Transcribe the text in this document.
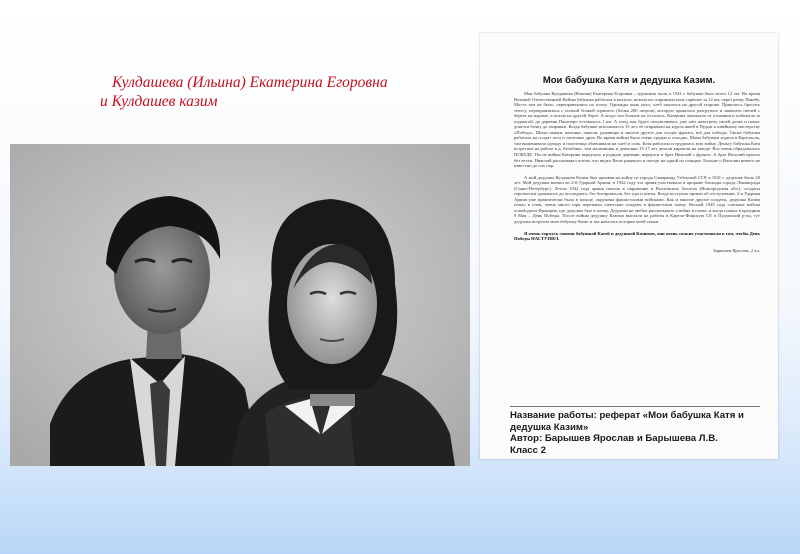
Кулдашева (Ильина) Екатерина Егоровна
и Кулдашев казим
Мои бабушка Катя и дедушка Казим.

Моя бабушка Кулдашева (Ильина) Екатерина Егоровна – труженик тыла, в 1941 г. бабушке было всего 12 лет. Во время Великой Отечественной Войны бабушка работала в колхозе, возила на старинном коне горючее за 12 км, через речку Пакебу. Моста там не было, переправлялись по плоту. Однажды конь упал, хлеб оказался на другой стороне. Пришлось бросить телегу, переправляться с полной бочкой горючего (бочка 200 литров), которую пришлось разгрузить и зажигать свечей с берега на пароме, а потом на другой берег. А когда сил больше не осталось, Катерина заплакала от отчаяния и побежала за подмогой, до деревни Панозеро оставалось 1 км. А отец, как будто почувствовал, уже шёл навстречу своей дочке и помог довезти бочку до заправки. Когда бабушке исполнилось 15 лет, её отправили на курсы швей в Пудож к швейному мастерству «Победа». Шили шапки, валенки, панели, рукавицы и многое другое для солдат фронта, всё для победы. Также бабушка работала на солдат леса и заготовке дров. Во время войны было очень трудно и голодно. Мама бабушки ходила в Каргополь, там выменивала одежду и полотенца обменивала на хлеб и соль. Катя работала и трудилась всю войну. Деньгу бабушка Катя встретила на работе в д. Бельбино, там мальчишки и девчонки 15-17 лет делали кирпичи на заводе. Все очень обрадовались ПОБЕДЕ. После войны Катерина вернулась в родную деревню, вернулся и брат Николай с фронта. А брат Василий пропал без вести. Николай рассказывал потом, что видел Васю раненого в поезде на одной из станции. Больше о Василии ничего не известно до сих пор.

А мой дедушка Кулдашев Казим был призван на войну из города Самарканд Узбекской ССР, в 1941 г. дедушке было 20 лет. Мой дедушка воевал во 2-й Ударной Армии, в 1942 году эта армия участвовала в прорыве блокады города Ленинграда (Санкт-Петербург). Летом 1942 года армия попала в окружение в Волховских болотах (Новгородская обл.), солдаты героически сражались до последнего, без боеприпасов, без еды и питья. Когда поступил приказ об отступлении, 2-я Ударная Армия уже практически была в кольце, окружена фашистскими войсками. Как и многие другие солдаты, дедушка Казим попал в плен, очень много горя пережили советские солдаты в фашистском плену. Весной 1945 года союзные войска освободили Францию, где дедушка был в плену. Дедушка не любил рассказывать о войне и плене, и когда плакал в праздник 9 Мая – День Победы. После войны дедушку Казима выслали на работы в Карело-Финскую СР, в Пудожский р-он, тут дедушка встретил мою бабушку Катю и так началась история моей семьи.

Я очень горжусь своими бабушкой Катей и дедушкой Казимом, они очень сильно участвовали в том, чтобы День Победы НАСТУПИЛ.

Барышев Ярослав, 2 кл.

Название работы: реферат «Мои бабушка Катя и
дедушка Казим»
Автор: Барышев Ярослав и Барышева Л.В.
Класс 2
